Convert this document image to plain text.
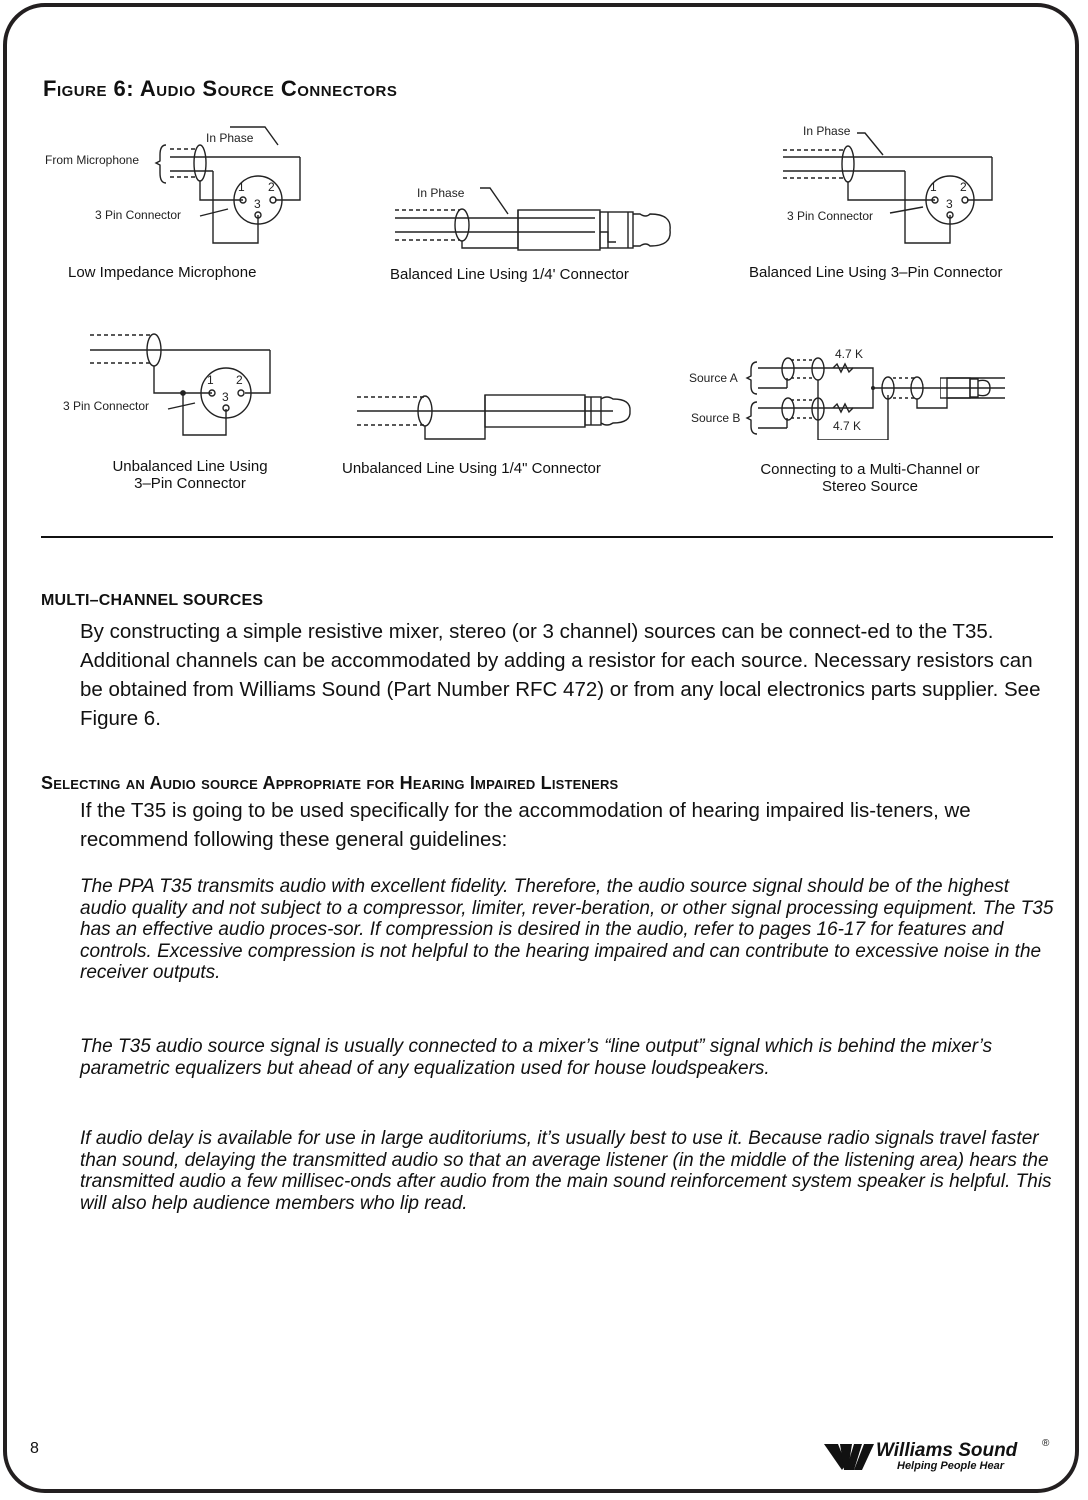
Figure 6: Audio Source Connectors
In Phase
From Microphone
3 Pin Connector
1 2
3
Low Impedance Microphone
In Phase
Balanced Line Using 1/4' Connector
In Phase
3 Pin Connector
1 2
3
Balanced Line Using 3–Pin Connector
3 Pin Connector
1 2
3
Unbalanced Line Using
3–Pin Connector
Unbalanced Line Using 1/4" Connector
Source A
Source B
4.7 K
4.7 K
Connecting to a Multi-Channel or
Stereo Source
MULTI–CHANNEL SOURCES
By constructing a simple resistive mixer, stereo (or 3 channel) sources can be connect-ed to the T35. Additional channels can be accommodated by adding a resistor for each source. Necessary resistors can be obtained from Williams Sound (Part Number RFC 472) or from any local electronics parts supplier. See Figure 6.
Selecting an Audio source Appropriate for Hearing Impaired Listeners
If the T35 is going to be used specifically for the accommodation of hearing impaired lis-teners, we recommend following these general guidelines:
The PPA T35 transmits audio with excellent fidelity. Therefore, the audio source signal should be of the highest audio quality and not subject to a compressor, limiter, rever-beration, or other signal processing equipment. The T35 has an effective audio proces-sor. If compression is desired in the audio, refer to pages 16-17 for features and controls. Excessive compression is not helpful to the hearing impaired and can contribute to excessive noise in the receiver outputs.
The T35 audio source signal is usually connected to a mixer’s “line output” signal which is behind the mixer’s parametric equalizers but ahead of any equalization used for house loudspeakers.
If audio delay is available for use in large auditoriums, it’s usually best to use it. Because radio signals travel faster than sound, delaying the transmitted audio so that an average listener (in the middle of the listening area) hears the transmitted audio a few millisec-onds after audio from the main sound reinforcement system speaker is helpful. This will also help audience members who lip read.
8	Williams Sound ®
Helping People Hear
